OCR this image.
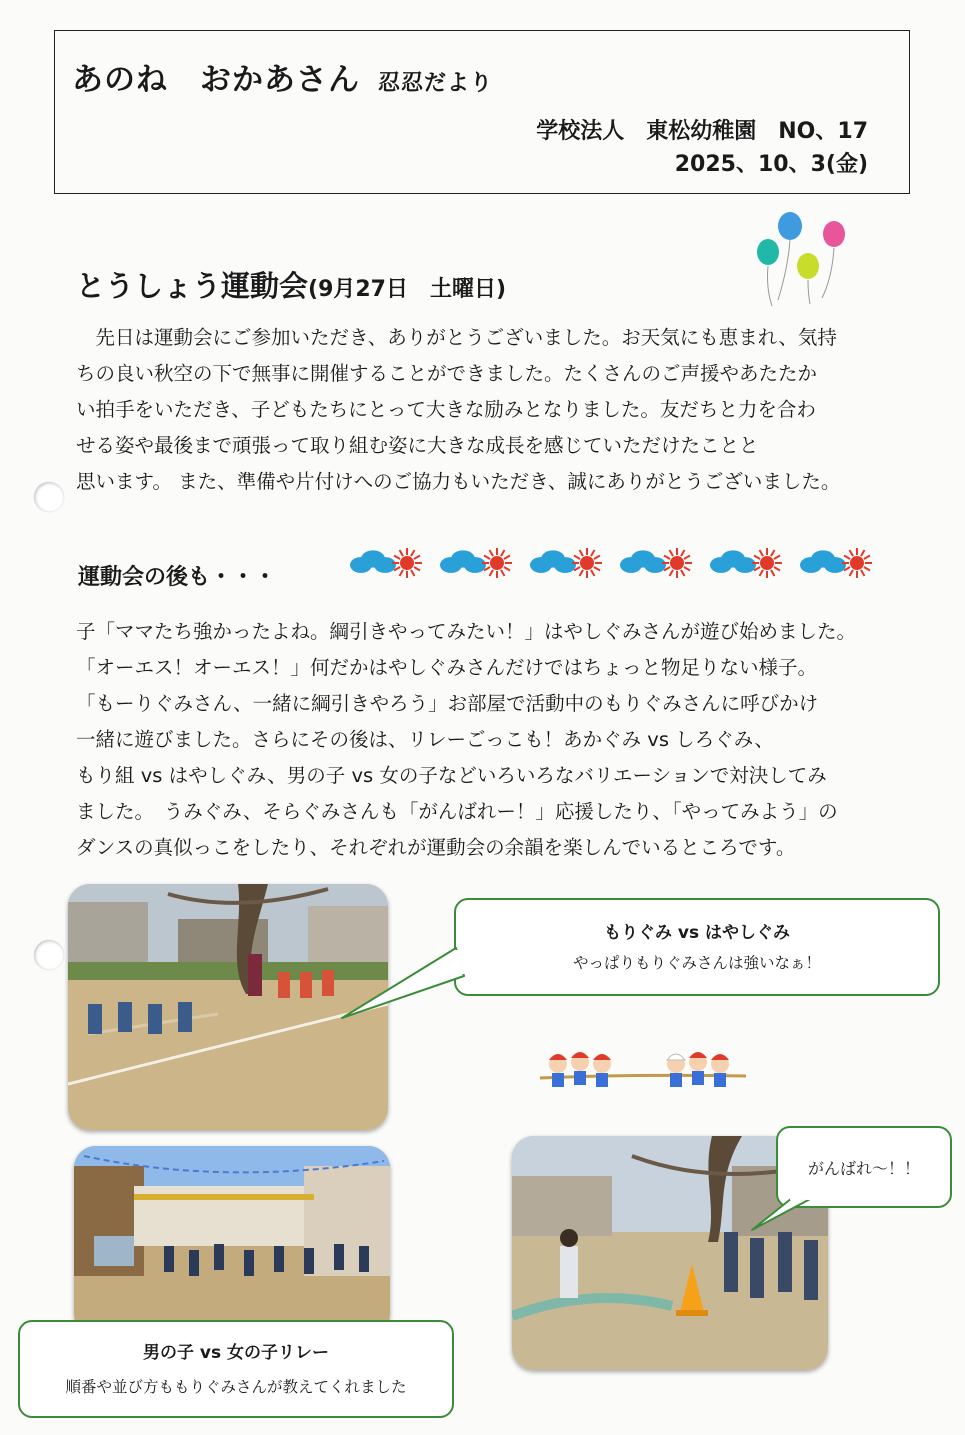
あのね　おかあさん 忍忍だより
学校法人　東松幼稚園　NO、17
2025、10、3(金)
とうしょう運動会(9月27日　土曜日)
　先日は運動会にご参加いただき、ありがとうございました。お天気にも恵まれ、気持
ちの良い秋空の下で無事に開催することができました。たくさんのご声援やあたたか
い拍手をいただき、子どもたちにとって大きな励みとなりました。友だちと力を合わ
せる姿や最後まで頑張って取り組む姿に大きな成長を感じていただけたことと
思います。 また、準備や片付けへのご協力もいただき、誠にありがとうございました。
運動会の後も・・・
子「ママたち強かったよね。綱引きやってみたい！」はやしぐみさんが遊び始めました。
「オーエス！オーエス！」何だかはやしぐみさんだけではちょっと物足りない様子。
「もーりぐみさん、一緒に綱引きやろう」お部屋で活動中のもりぐみさんに呼びかけ
一緒に遊びました。さらにその後は、リレーごっこも！あかぐみ vs しろぐみ、
もり組 vs はやしぐみ、男の子 vs 女の子などいろいろなバリエーションで対決してみ
ました。　うみぐみ、そらぐみさんも「がんばれー！」応援したり、「やってみよう」の
ダンスの真似っこをしたり、それぞれが運動会の余韻を楽しんでいるところです。
もりぐみ vs はやしぐみ
やっぱりもりぐみさんは強いなぁ！
男の子 vs 女の子リレー
順番や並び方ももりぐみさんが教えてくれました
がんばれ～！！
